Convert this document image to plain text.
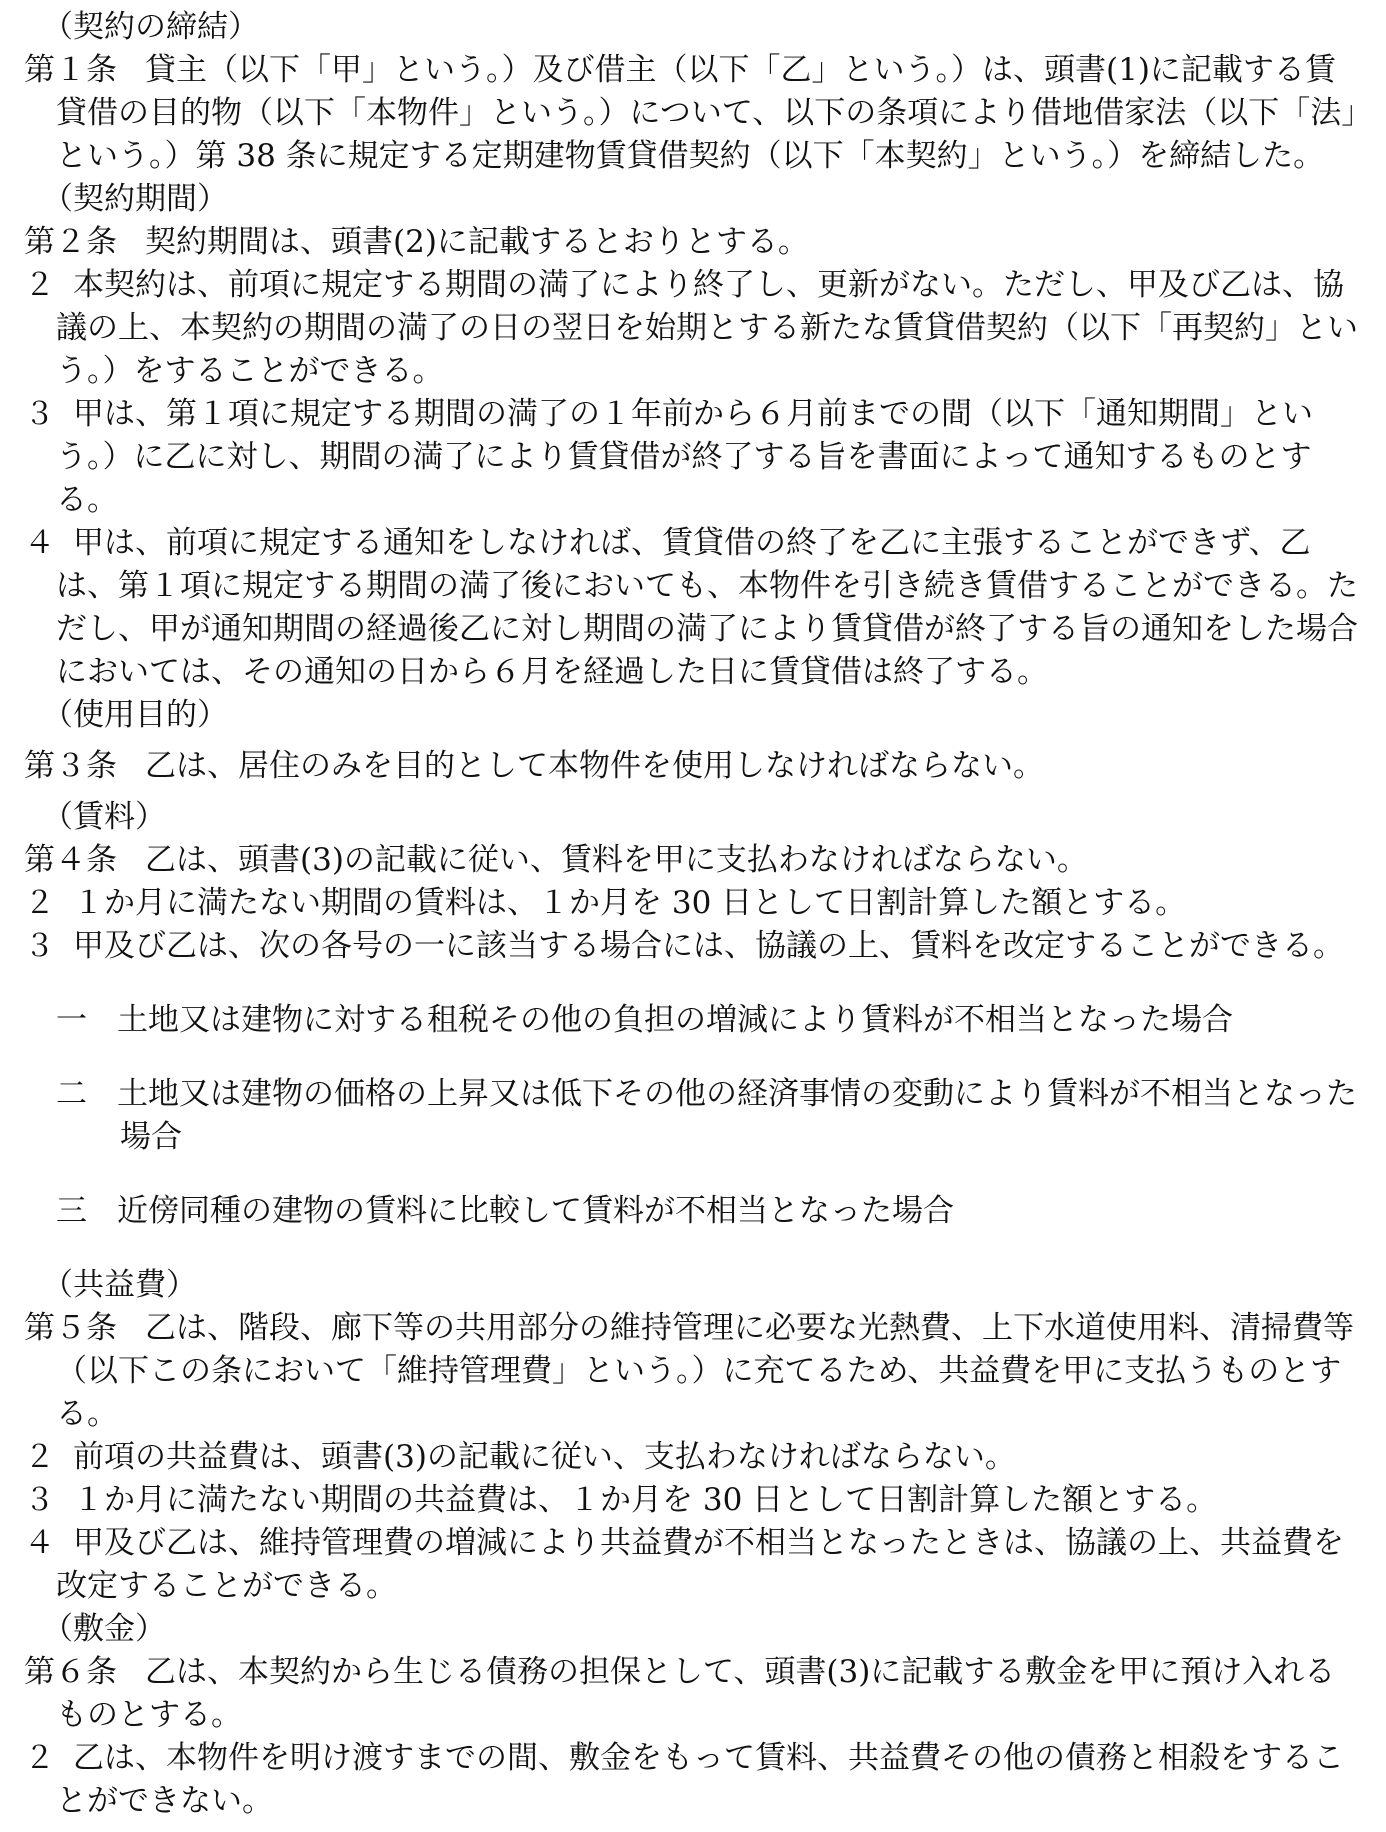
（契約の締結）

第１条 貸主（以下「甲」という。）及び借主（以下「乙」という。）は、頭書(1)に記載する賃貸借の目的物（以下「本物件」という。）について、以下の条項により借地借家法（以下「法」という。）第 38 条に規定する定期建物賃貸借契約（以下「本契約」という。）を締結した。

（契約期間）

第２条 契約期間は、頭書(2)に記載するとおりとする。

２ 本契約は、前項に規定する期間の満了により終了し、更新がない。ただし、甲及び乙は、協議の上、本契約の期間の満了の日の翌日を始期とする新たな賃貸借契約（以下「再契約」という。）をすることができる。

３ 甲は、第１項に規定する期間の満了の１年前から６月前までの間（以下「通知期間」という。）に乙に対し、期間の満了により賃貸借が終了する旨を書面によって通知するものとする。

４ 甲は、前項に規定する通知をしなければ、賃貸借の終了を乙に主張することができず、乙は、第１項に規定する期間の満了後においても、本物件を引き続き賃借することができる。ただし、甲が通知期間の経過後乙に対し期間の満了により賃貸借が終了する旨の通知をした場合においては、その通知の日から６月を経過した日に賃貸借は終了する。

（使用目的）

第３条 乙は、居住のみを目的として本物件を使用しなければならない。

（賃料）

第４条 乙は、頭書(3)の記載に従い、賃料を甲に支払わなければならない。

２ １か月に満たない期間の賃料は、１か月を 30 日として日割計算した額とする。

３ 甲及び乙は、次の各号の一に該当する場合には、協議の上、賃料を改定することができる。

一 土地又は建物に対する租税その他の負担の増減により賃料が不相当となった場合

二 土地又は建物の価格の上昇又は低下その他の経済事情の変動により賃料が不相当となった場合

三 近傍同種の建物の賃料に比較して賃料が不相当となった場合

（共益費）

第５条 乙は、階段、廊下等の共用部分の維持管理に必要な光熱費、上下水道使用料、清掃費等（以下この条において「維持管理費」という。）に充てるため、共益費を甲に支払うものとする。

２ 前項の共益費は、頭書(3)の記載に従い、支払わなければならない。

３ １か月に満たない期間の共益費は、１か月を 30 日として日割計算した額とする。

４ 甲及び乙は、維持管理費の増減により共益費が不相当となったときは、協議の上、共益費を改定することができる。

（敷金）

第６条 乙は、本契約から生じる債務の担保として、頭書(3)に記載する敷金を甲に預け入れるものとする。

２ 乙は、本物件を明け渡すまでの間、敷金をもって賃料、共益費その他の債務と相殺をすることができない。
